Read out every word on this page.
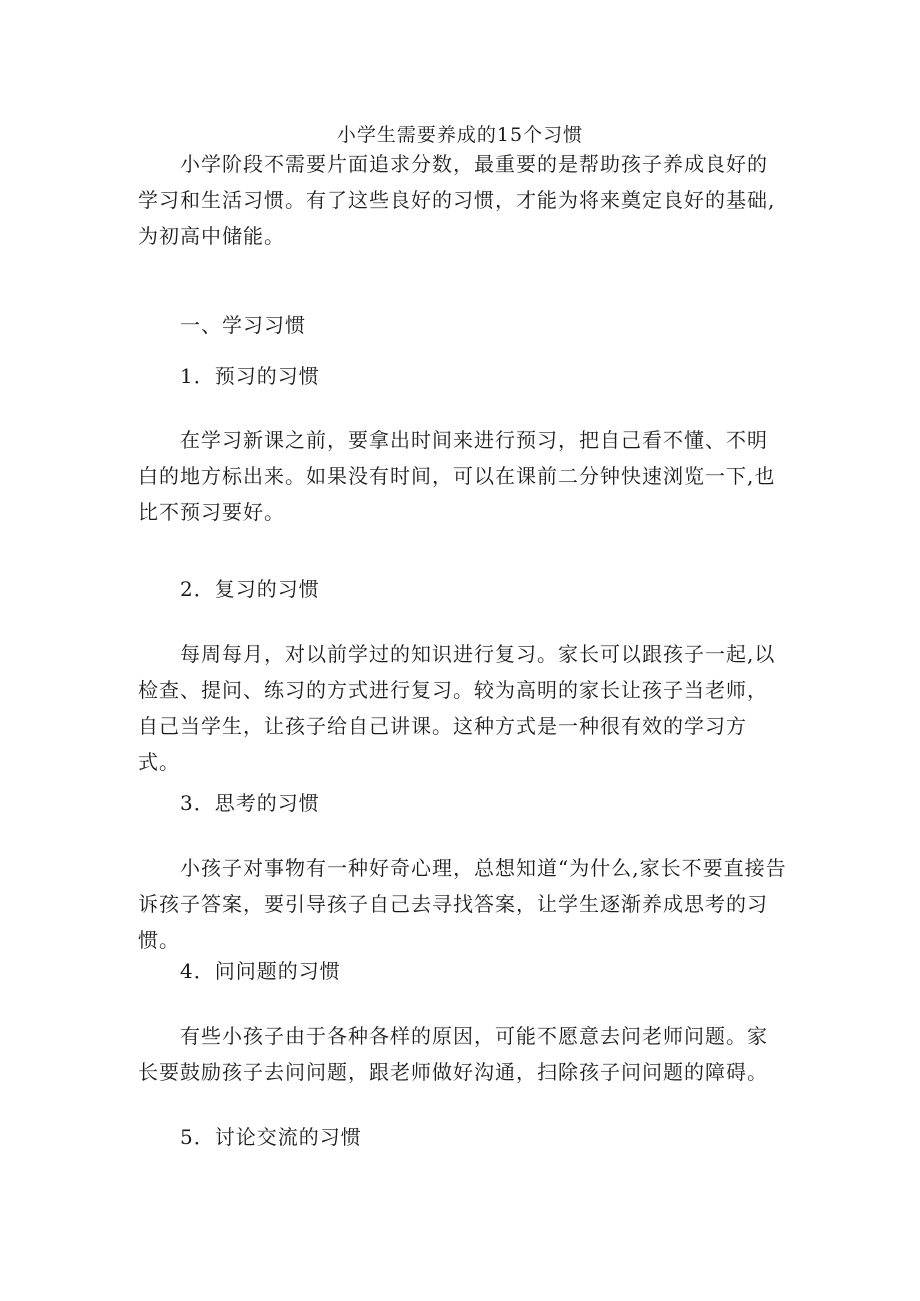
小学生需要养成的15个习惯

小学阶段不需要片面追求分数，最重要的是帮助孩子养成良好的学习和生活习惯。有了这些良好的习惯，才能为将来奠定良好的基础,为初高中储能。

一、学习习惯
1．预习的习惯

在学习新课之前，要拿出时间来进行预习，把自己看不懂、不明白的地方标出来。如果没有时间，可以在课前二分钟快速浏览一下,也比不预习要好。

2．复习的习惯

每周每月，对以前学过的知识进行复习。家长可以跟孩子一起,以检查、提问、练习的方式进行复习。较为高明的家长让孩子当老师，自己当学生，让孩子给自己讲课。这种方式是一种很有效的学习方式。

3．思考的习惯

小孩子对事物有一种好奇心理，总想知道“为什么,家长不要直接告诉孩子答案，要引导孩子自己去寻找答案，让学生逐渐养成思考的习惯。

4．问问题的习惯

有些小孩子由于各种各样的原因，可能不愿意去问老师问题。家长要鼓励孩子去问问题，跟老师做好沟通，扫除孩子问问题的障碍。

5．讨论交流的习惯
